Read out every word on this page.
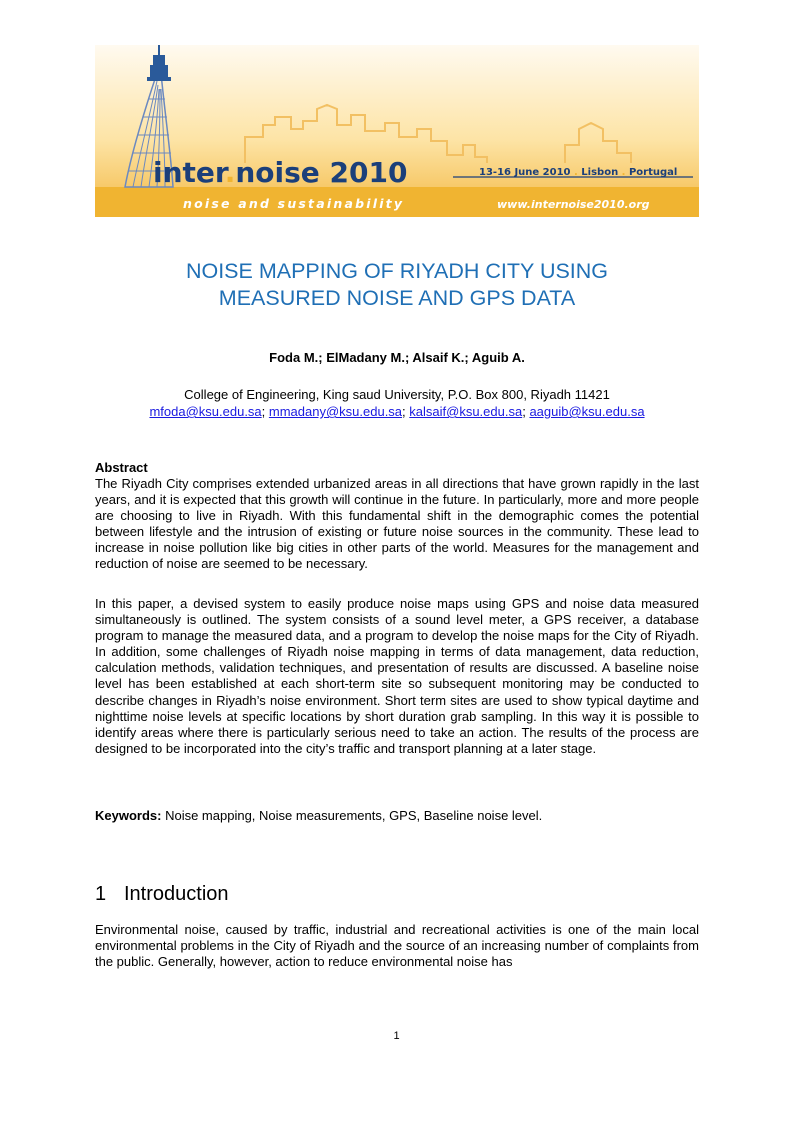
inter.noise 2010	13-16 June 2010 . Lisbon . Portugal
noise and sustainability	www.internoise2010.org
NOISE MAPPING OF RIYADH CITY USING
MEASURED NOISE AND GPS DATA
Foda M.; ElMadany M.; Alsaif K.; Aguib A.
College of Engineering, King saud University, P.O. Box 800, Riyadh 11421
mfoda@ksu.edu.sa; mmadany@ksu.edu.sa; kalsaif@ksu.edu.sa; aaguib@ksu.edu.sa
Abstract
The Riyadh City comprises extended urbanized areas in all directions that have grown rapidly in the last years, and it is expected that this growth will continue in the future. In particularly, more and more people are choosing to live in Riyadh. With this fundamental shift in the demographic comes the potential between lifestyle and the intrusion of existing or future noise sources in the community. These lead to increase in noise pollution like big cities in other parts of the world. Measures for the management and reduction of noise are seemed to be necessary.
In this paper, a devised system to easily produce noise maps using GPS and noise data measured simultaneously is outlined. The system consists of a sound level meter, a GPS receiver, a database program to manage the measured data, and a program to develop the noise maps for the City of Riyadh. In addition, some challenges of Riyadh noise mapping in terms of data management, data reduction, calculation methods, validation techniques, and presentation of results are discussed. A baseline noise level has been established at each short-term site so subsequent monitoring may be conducted to describe changes in Riyadh’s noise environment. Short term sites are used to show typical daytime and nighttime noise levels at specific locations by short duration grab sampling. In this way it is possible to identify areas where there is particularly serious need to take an action. The results of the process are designed to be incorporated into the city’s traffic and transport planning at a later stage.
Keywords: Noise mapping, Noise measurements, GPS, Baseline noise level.
1 Introduction
Environmental noise, caused by traffic, industrial and recreational activities is one of the main local environmental problems in the City of Riyadh and the source of an increasing number of complaints from the public. Generally, however, action to reduce environmental noise has
1
